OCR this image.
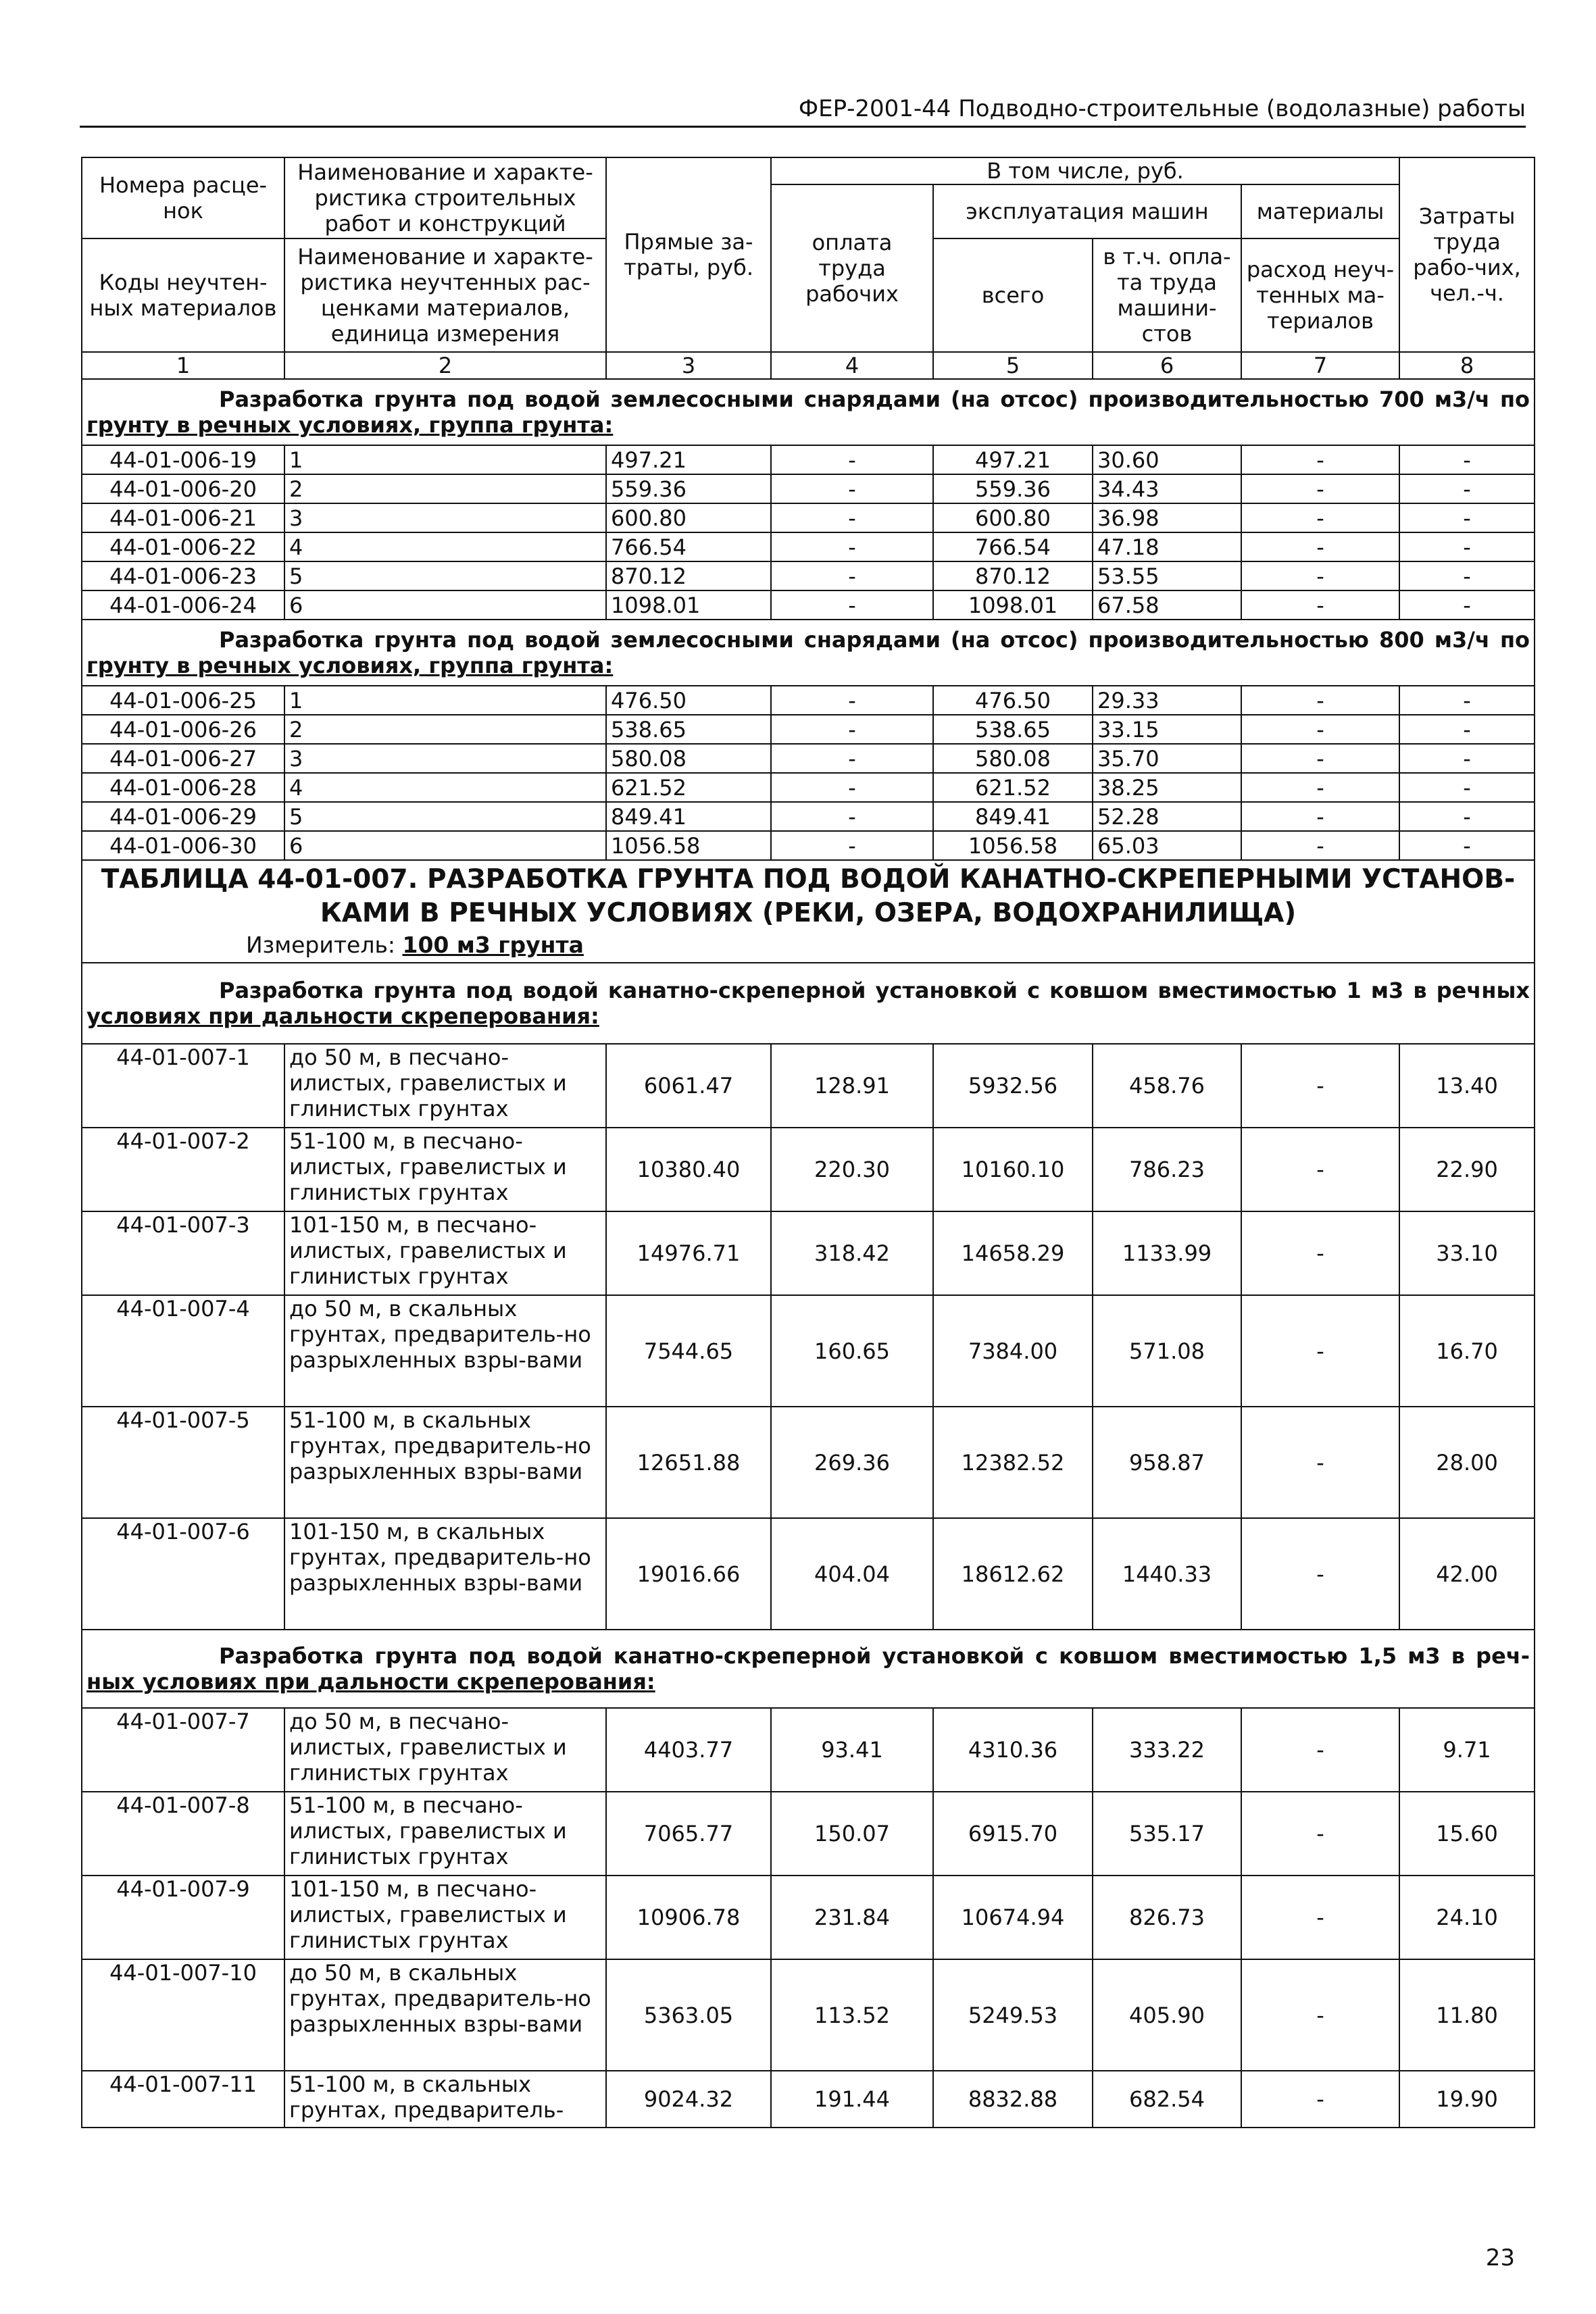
ФЕР-2001-44 Подводно-строительные (водолазные) работы
Номера расце-нок	Наименование и характе-ристика строительных работ и конструкций	Прямые за-траты, руб.	В том числе, руб.				Затраты труда рабо-чих, чел.-ч.
			оплата труда рабочих	эксплуатация машин		материалы	

Коды неучтен-ных материалов	Наименование и характе-ристика неучтенных рас-ценками материалов, единица измерения			всего	в т.ч. опла-та труда машини-стов	расход неуч-тенных ма-териалов	

1	2	3	4	5	6	7	8
Разработка грунта под водой землесосными снарядами (на отсос) производительностью 700 м3/ч по грунту в речных условиях, группа грунта:							
44-01-006-19	1	497.21	-	497.21	30.60	-	-
44-01-006-20	2	559.36	-	559.36	34.43	-	-
44-01-006-21	3	600.80	-	600.80	36.98	-	-
44-01-006-22	4	766.54	-	766.54	47.18	-	-
44-01-006-23	5	870.12	-	870.12	53.55	-	-
44-01-006-24	6	1098.01	-	1098.01	67.58	-	-
Разработка грунта под водой землесосными снарядами (на отсос) производительностью 800 м3/ч по грунту в речных условиях, группа грунта:							
44-01-006-25	1	476.50	-	476.50	29.33	-	-
44-01-006-26	2	538.65	-	538.65	33.15	-	-
44-01-006-27	3	580.08	-	580.08	35.70	-	-
44-01-006-28	4	621.52	-	621.52	38.25	-	-
44-01-006-29	5	849.41	-	849.41	52.28	-	-
44-01-006-30	6	1056.58	-	1056.58	65.03	-	-

ТАБЛИЦА 44-01-007. РАЗРАБОТКА ГРУНТА ПОД ВОДОЙ КАНАТНО-СКРЕПЕРНЫМИ УСТАНОВ-КАМИ В РЕЧНЫХ УСЛОВИЯХ (РЕКИ, ОЗЕРА, ВОДОХРАНИЛИЩА)
Измеритель: 100 м3 грунта							

Разработка грунта под водой канатно-скреперной установкой с ковшом вместимостью 1 м3 в речных условиях при дальности скреперования:							
44-01-007-1	до 50 м, в песчано-илистых, гравелистых и глинистых грунтах	6061.47	128.91	5932.56	458.76	-	13.40
44-01-007-2	51-100 м, в песчано-илистых, гравелистых и глинистых грунтах	10380.40	220.30	10160.10	786.23	-	22.90
44-01-007-3	101-150 м, в песчано-илистых, гравелистых и глинистых грунтах	14976.71	318.42	14658.29	1133.99	-	33.10
44-01-007-4	до 50 м, в скальных грунтах, предваритель-но разрыхленных взры-вами	7544.65	160.65	7384.00	571.08	-	16.70
44-01-007-5	51-100 м, в скальных грунтах, предваритель-но разрыхленных взры-вами	12651.88	269.36	12382.52	958.87	-	28.00
44-01-007-6	101-150 м, в скальных грунтах, предваритель-но разрыхленных взры-вами	19016.66	404.04	18612.62	1440.33	-	42.00
Разработка грунта под водой канатно-скреперной установкой с ковшом вместимостью 1,5 м3 в реч-ных условиях при дальности скреперования:							
44-01-007-7	до 50 м, в песчано-илистых, гравелистых и глинистых грунтах	4403.77	93.41	4310.36	333.22	-	9.71
44-01-007-8	51-100 м, в песчано-илистых, гравелистых и глинистых грунтах	7065.77	150.07	6915.70	535.17	-	15.60
44-01-007-9	101-150 м, в песчано-илистых, гравелистых и глинистых грунтах	10906.78	231.84	10674.94	826.73	-	24.10
44-01-007-10	до 50 м, в скальных грунтах, предваритель-но разрыхленных взры-вами	5363.05	113.52	5249.53	405.90	-	11.80
44-01-007-11	51-100 м, в скальных грунтах, предваритель-	9024.32	191.44	8832.88	682.54	-	19.90
23
